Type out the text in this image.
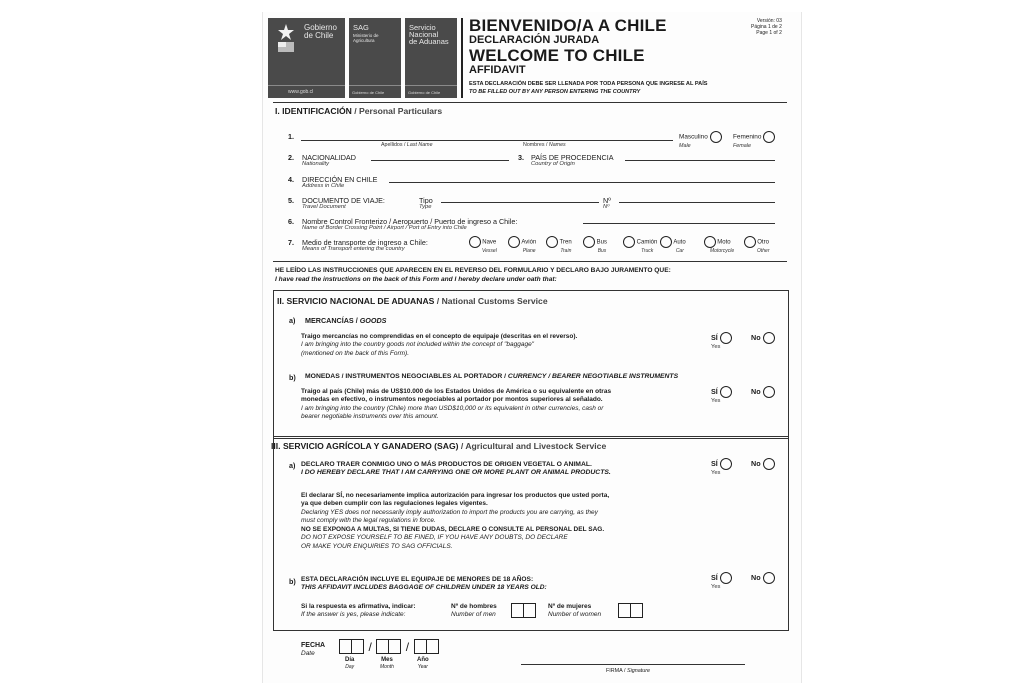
Gobierno
de Chile
www.gob.cl
SAG
Ministerio de
Agricultura
Gobierno de Chile
Servicio
Nacional
de Aduanas
Gobierno de Chile
BIENVENIDO/A A CHILE
DECLARACIÓN JURADA
WELCOME TO CHILE
AFFIDAVIT
ESTA DECLARACIÓN DEBE SER LLENADA POR TODA PERSONA QUE INGRESE AL PAÍS
TO BE FILLED OUT BY ANY PERSON ENTERING THE COUNTRY
Versión: 03
Página 1 de 2
Page 1 of 2
I. IDENTIFICACIÓN / Personal Particulars
1.
Apellidos / Last Name	Nombres / Names
Masculino
Male
Femenino
Female
2. NACIONALIDAD
Nationality
3. PAÍS DE PROCEDENCIA
Country of Origin
4. DIRECCIÓN EN CHILE
Address in Chile
5. DOCUMENTO DE VIAJE:
Travel Document
Tipo
Type
Nº
Nº
6. Nombre Control Fronterizo / Aeropuerto / Puerto de ingreso a Chile:
Name of Border Crossing Point / Airport / Port of Entry into Chile
7. Medio de transporte de ingreso a Chile:
Means of Transport entering the country
Nave
Vessel
Avión
Plane
Tren
Train
Bus
Bus
Camión
Truck
Auto
Car
Moto
Motorcycle
Otro
Other
HE LEÍDO LAS INSTRUCCIONES QUE APARECEN EN EL REVERSO DEL FORMULARIO Y DECLARO BAJO JURAMENTO QUE:
I have read the instructions on the back of this Form and I hereby declare under oath that:
II. SERVICIO NACIONAL DE ADUANAS / National Customs Service
a) MERCANCÍAS / GOODS
Traigo mercancías no comprendidas en el concepto de equipaje (descritas en el reverso).
I am bringing into the country goods not included within the concept of "baggage"
(mentioned on the back of this Form).
SÍ
Yes
No
b) MONEDAS / INSTRUMENTOS NEGOCIABLES AL PORTADOR / CURRENCY / BEARER NEGOTIABLE INSTRUMENTS
Traigo al país (Chile) más de US$10.000 de los Estados Unidos de América o su equivalente en otras
monedas en efectivo, o instrumentos negociables al portador por montos superiores al señalado.
I am bringing into the country (Chile) more than USD$10,000 or its equivalent in other currencies, cash or
bearer negotiable instruments over this amount.
SÍ
Yes
No
III. SERVICIO AGRÍCOLA Y GANADERO (SAG) / Agricultural and Livestock Service
a) DECLARO TRAER CONMIGO UNO O MÁS PRODUCTOS DE ORIGEN VEGETAL O ANIMAL.
I DO HEREBY DECLARE THAT I AM CARRYING ONE OR MORE PLANT OR ANIMAL PRODUCTS.
SÍ
Yes
No
El declarar SÍ, no necesariamente implica autorización para ingresar los productos que usted porta,
ya que deben cumplir con las regulaciones legales vigentes.
Declaring YES does not necessarily imply authorization to import the products you are carrying, as they
must comply with the legal regulations in force.
NO SE EXPONGA A MULTAS, SI TIENE DUDAS, DECLARE O CONSULTE AL PERSONAL DEL SAG.
DO NOT EXPOSE YOURSELF TO BE FINED, IF YOU HAVE ANY DOUBTS, DO DECLARE
OR MAKE YOUR ENQUIRIES TO SAG OFFICIALS.
b) ESTA DECLARACIÓN INCLUYE EL EQUIPAJE DE MENORES DE 18 AÑOS:
THIS AFFIDAVIT INCLUDES BAGGAGE OF CHILDREN UNDER 18 YEARS OLD:
SÍ
Yes
No
Si la respuesta es afirmativa, indicar:
If the answer is yes, please indicate:
Nº de hombres
Number of men
Nº de mujeres
Number of women
FECHA
Date
/	/
Día
Day
Mes
Month
Año
Year
FIRMA / Signature
